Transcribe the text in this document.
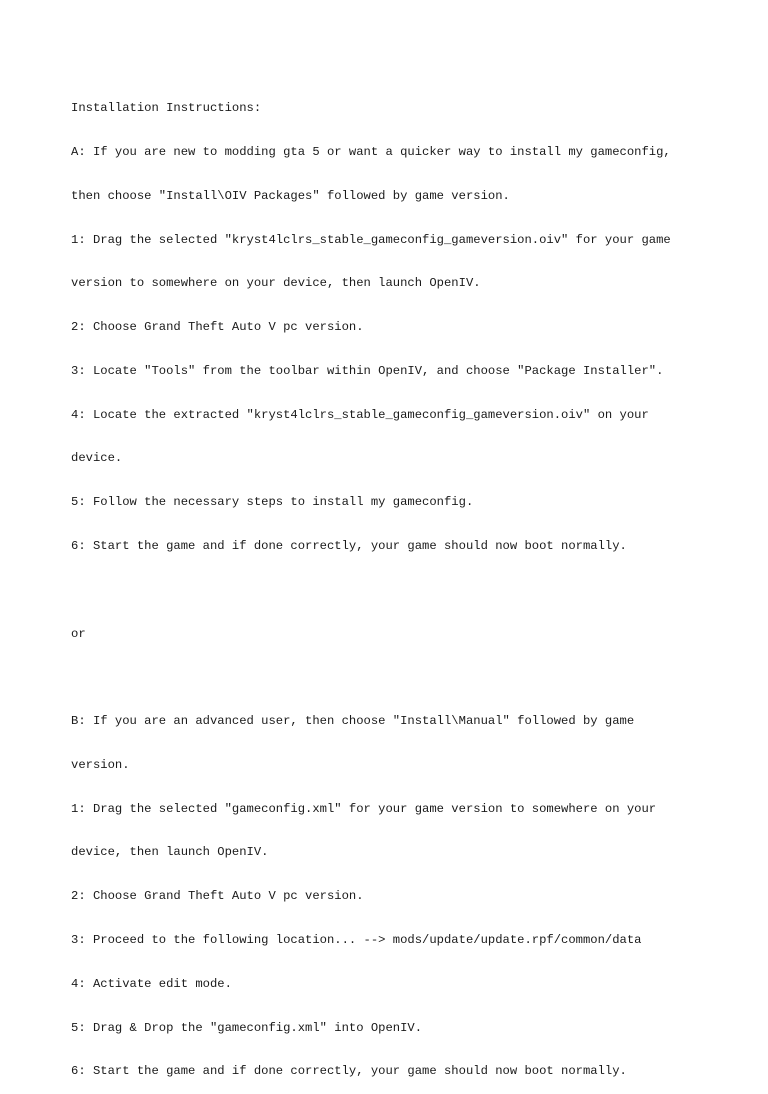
Installation Instructions:

A: If you are new to modding gta 5 or want a quicker way to install my gameconfig,

then choose "Install\OIV Packages" followed by game version.

1: Drag the selected "kryst4lclrs_stable_gameconfig_gameversion.oiv" for your game

version to somewhere on your device, then launch OpenIV.

2: Choose Grand Theft Auto V pc version.

3: Locate "Tools" from the toolbar within OpenIV, and choose "Package Installer".

4: Locate the extracted "kryst4lclrs_stable_gameconfig_gameversion.oiv" on your

device.

5: Follow the necessary steps to install my gameconfig.

6: Start the game and if done correctly, your game should now boot normally.

or

B: If you are an advanced user, then choose "Install\Manual" followed by game

version.

1: Drag the selected "gameconfig.xml" for your game version to somewhere on your

device, then launch OpenIV.

2: Choose Grand Theft Auto V pc version.

3: Proceed to the following location... --> mods/update/update.rpf/common/data

4: Activate edit mode.

5: Drag & Drop the "gameconfig.xml" into OpenIV.

6: Start the game and if done correctly, your game should now boot normally.
